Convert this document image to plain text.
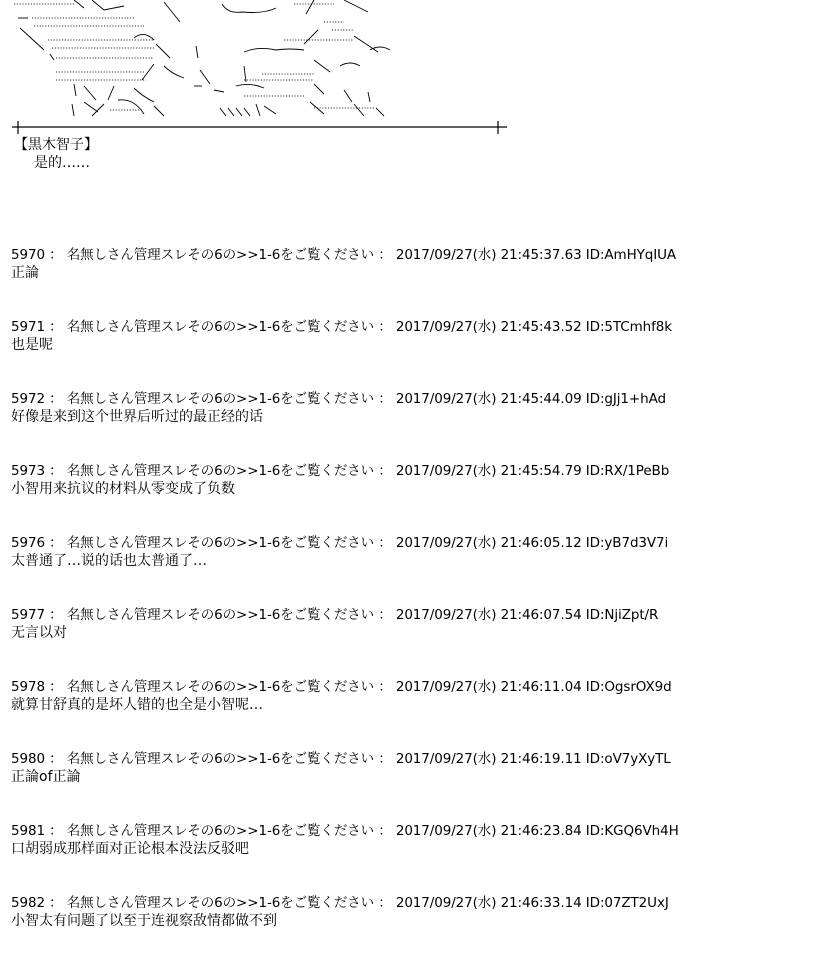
【黒木智子】
是的……
5970 ： 名無しさん管理スレその6の>>1-6をご覧ください ： 2017/09/27(水) 21:45:37.63 ID:AmHYqIUA
正論
5971 ： 名無しさん管理スレその6の>>1-6をご覧ください ： 2017/09/27(水) 21:45:43.52 ID:5TCmhf8k
也是呢
5972 ： 名無しさん管理スレその6の>>1-6をご覧ください ： 2017/09/27(水) 21:45:44.09 ID:gJj1+hAd
好像是来到这个世界后听过的最正经的话
5973 ： 名無しさん管理スレその6の>>1-6をご覧ください ： 2017/09/27(水) 21:45:54.79 ID:RX/1PeBb
小智用来抗议的材料从零变成了负数
5976 ： 名無しさん管理スレその6の>>1-6をご覧ください ： 2017/09/27(水) 21:46:05.12 ID:yB7d3V7i
太普通了…说的话也太普通了…
5977 ： 名無しさん管理スレその6の>>1-6をご覧ください ： 2017/09/27(水) 21:46:07.54 ID:NjiZpt/R
无言以对
5978 ： 名無しさん管理スレその6の>>1-6をご覧ください ： 2017/09/27(水) 21:46:11.04 ID:OgsrOX9d
就算甘舒真的是坏人错的也全是小智呢…
5980 ： 名無しさん管理スレその6の>>1-6をご覧ください ： 2017/09/27(水) 21:46:19.11 ID:oV7yXyTL
正論of正論
5981 ： 名無しさん管理スレその6の>>1-6をご覧ください ： 2017/09/27(水) 21:46:23.84 ID:KGQ6Vh4H
口胡弱成那样面对正论根本没法反驳吧
5982 ： 名無しさん管理スレその6の>>1-6をご覧ください ： 2017/09/27(水) 21:46:33.14 ID:07ZT2UxJ
小智太有问题了以至于连视察敌情都做不到
